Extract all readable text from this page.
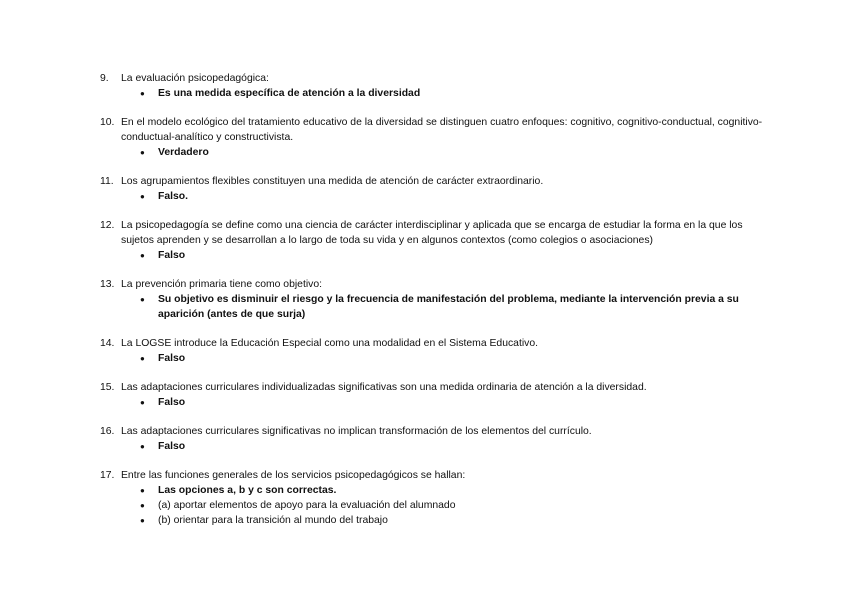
9.	La evaluación psicopedagógica:
● Es una medida específica de atención a la diversidad
10. En el modelo ecológico del tratamiento educativo de la diversidad se distinguen cuatro enfoques: cognitivo, cognitivo-conductual, cognitivo-conductual-analítico y constructivista.
● Verdadero
11. Los agrupamientos flexibles constituyen una medida de atención de carácter extraordinario.
● Falso.
12. La psicopedagogía se define como una ciencia de carácter interdisciplinar y aplicada que se encarga de estudiar la forma en la que los sujetos aprenden y se desarrollan a lo largo de toda su vida y en algunos contextos (como colegios o asociaciones)
● Falso
13. La prevención primaria tiene como objetivo:
● Su objetivo es disminuir el riesgo y la frecuencia de manifestación del problema, mediante la intervención previa a su aparición (antes de que surja)
14. La LOGSE introduce la Educación Especial como una modalidad en el Sistema Educativo.
● Falso
15. Las adaptaciones curriculares individualizadas significativas son una medida ordinaria de atención a la diversidad.
● Falso
16. Las adaptaciones curriculares significativas no implican transformación de los elementos del currículo.
● Falso
17. Entre las funciones generales de los servicios psicopedagógicos se hallan:
● Las opciones a, b y c son correctas.
● (a) aportar elementos de apoyo para la evaluación del alumnado
● (b) orientar para la transición al mundo del trabajo
